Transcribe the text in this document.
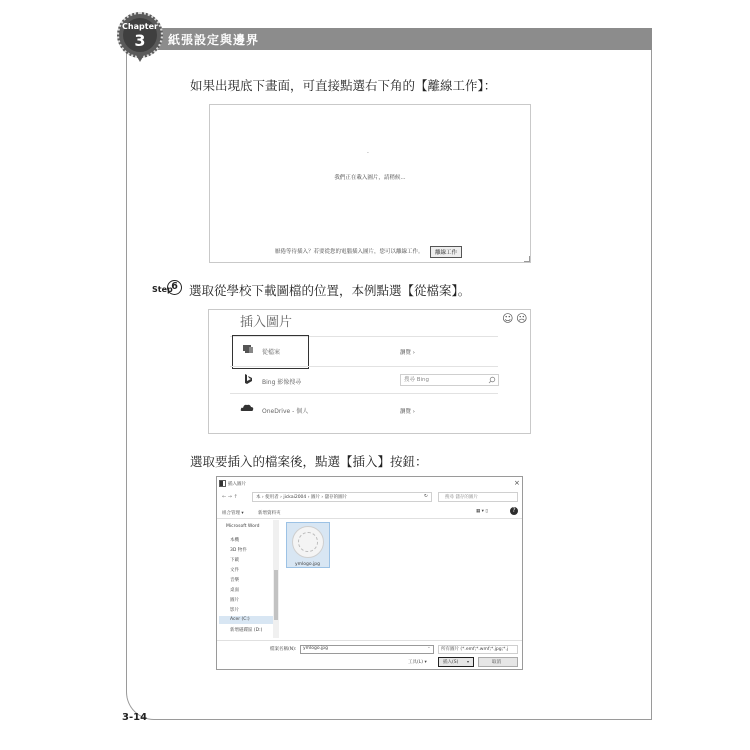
紙張設定與邊界
Chapter
3
如果出現底下畫面，可直接點選右下角的【離線工作】：
·
我們正在載入圖片，請稍候...
厭倦等待插入？若要從您的電腦插入圖片，您可以離線工作。	離線工作
Step
6 選取從學校下載圖檔的位置，本例點選【從檔案】。
插入圖片	☺ ☹
從檔案	瀏覽 ›
Bing 影像搜尋	搜尋 Bing
OneDrive - 個人	瀏覽 ›
選取要插入的檔案後，點選【插入】按鈕：
插入圖片	×
← → ↑	本 › 使用者 › jickai2004 › 圖片 › 儲存的圖片	↻	搜尋 儲存的圖片
組合管理 ▾	新增資料夾	▦ ▾ ▯	?
Microsoft Word
本機
3D 物件
下載
文件
音樂
桌面
圖片
影片
Acer (C:)
新增磁碟區 (D:)
ymlogo.jpg
檔案名稱(N): ymlogo.jpg	⌄ 所有圖片 (*.emf;*.wmf;*.jpg;*.j
工具(L) ▾	插入(S) ▾	取消
3-14
